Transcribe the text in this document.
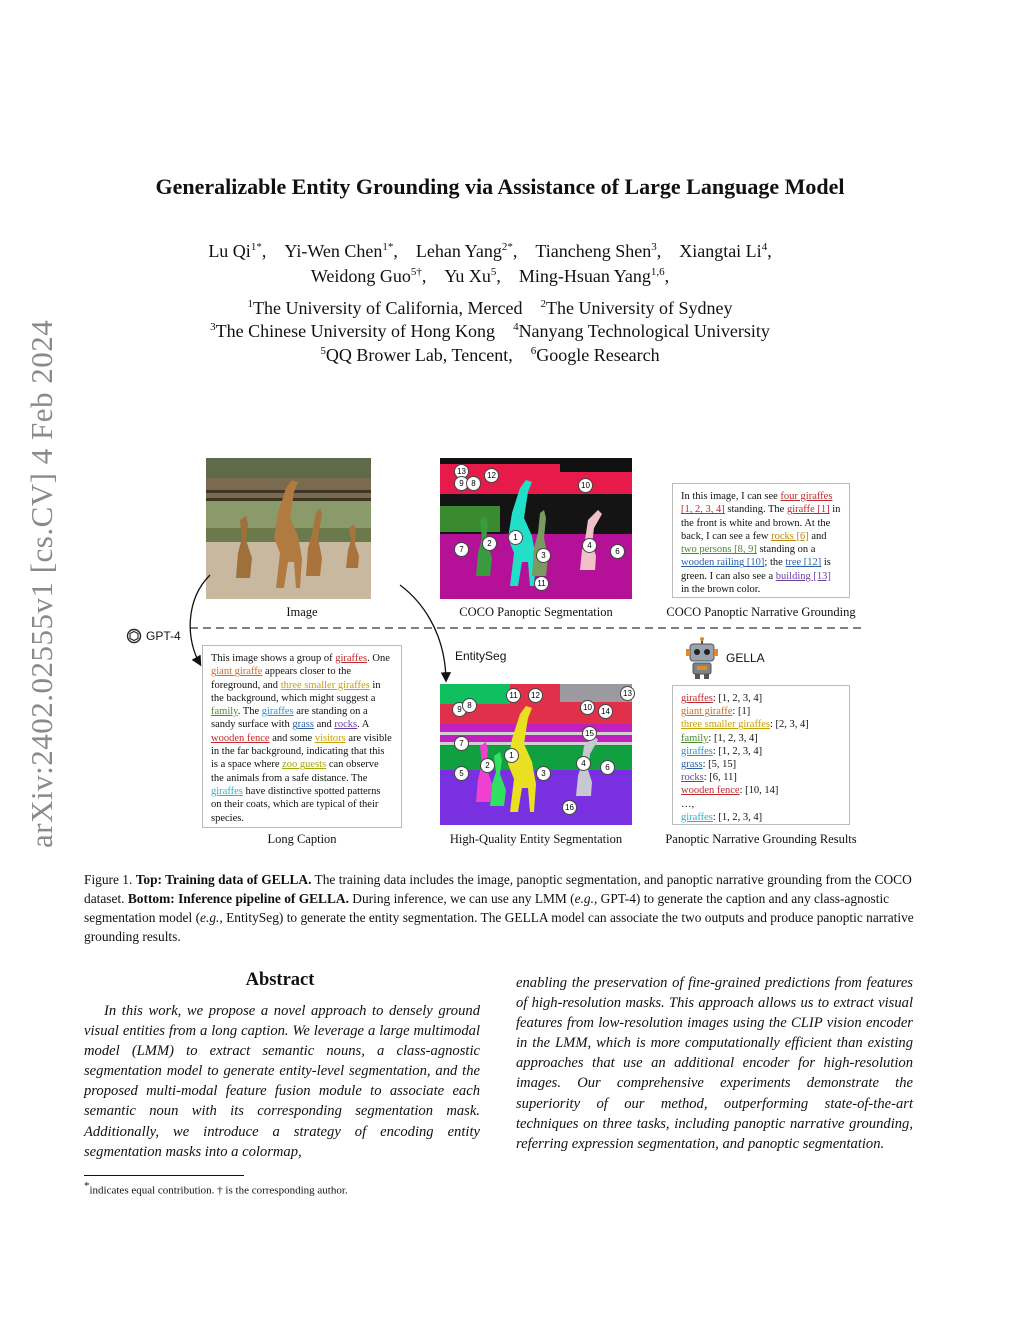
arXiv:2402.02555v1 [cs.CV] 4 Feb 2024
Generalizable Entity Grounding via Assistance of Large Language Model
Lu $Qi^{1*}$, Yi-Wen Chen$^{1*}$, Lehan Yang$^{2*}$, Tiancheng Shen$^3$, Xiangtai Li$^4$,
Weidong Guo$^{5\dagger}$, Yu Xu$^5$, Ming-Hsuan Yang$^{1,6}$,
$^1$The University of California, Merced  $^2$The University of Sydney
$^3$The Chinese University of Hong Kong  $^4$Nanyang Technological University
$^5$QQ Brower Lab, Tencent,  $^6$Google Research
13
9 8
12
10
7
2
1
3
4
6
11
In this image, I can see four giraffes [1, 2, 3, 4] standing. The giraffe [1] in the front is white and brown. At the back, I can see a few rocks [6] and two persons [8, 9] standing on a wooden railing [10]; the tree [12] is green. I can also see a building [13] in the brown color.
Image	COCO Panoptic Segmentation	COCO Panoptic Narrative Grounding
GPT-4
EntitySeg	GELLA
This image shows a group of giraffes. One giant giraffe appears closer to the foreground, and three smaller giraffes in the background, which might suggest a family. The giraffes are standing on a sandy surface with grass and rocks. A wooden fence and some visitors are visible in the far background, indicating that this is a space where zoo guests can observe the animals from a safe distance. The giraffes have distinctive spotted patterns on their coats, which are typical of their species.
11
9 8
12
10	14
13
7
15
5
2
1
3
4	6
16
giraffes: [1, 2, 3, 4]
giant giraffe: [1]
three smaller giraffes: [2, 3, 4]
family: [1, 2, 3, 4]
giraffes: [1, 2, 3, 4]
grass: [5, 15]
rocks: [6, 11]
wooden fence: [10, 14]
…,
giraffes: [1, 2, 3, 4]
Long Caption	High-Quality Entity Segmentation	Panoptic Narrative Grounding Results
Figure 1. Top: Training data of GELLA. The training data includes the image, panoptic segmentation, and panoptic narrative grounding from the COCO dataset. Bottom: Inference pipeline of GELLA. During inference, we can use any LMM (e.g., GPT-4) to generate the caption and any class-agnostic segmentation model (e.g., EntitySeg) to generate the entity segmentation. The GELLA model can associate the two outputs and produce panoptic narrative grounding results.
Abstract
In this work, we propose a novel approach to densely ground visual entities from a long caption. We leverage a large multimodal model (LMM) to extract semantic nouns, a class-agnostic segmentation model to generate entity-level segmentation, and the proposed multi-modal feature fusion module to associate each semantic noun with its corresponding segmentation mask. Additionally, we introduce a strategy of encoding entity segmentation masks into a colormap,
enabling the preservation of fine-grained predictions from features of high-resolution masks. This approach allows us to extract visual features from low-resolution images using the CLIP vision encoder in the LMM, which is more computationally efficient than existing approaches that use an additional encoder for high-resolution images. Our comprehensive experiments demonstrate the superiority of our method, outperforming state-of-the-art techniques on three tasks, including panoptic narrative grounding, referring expression segmentation, and panoptic segmentation.
*indicates equal contribution. † is the corresponding author.
